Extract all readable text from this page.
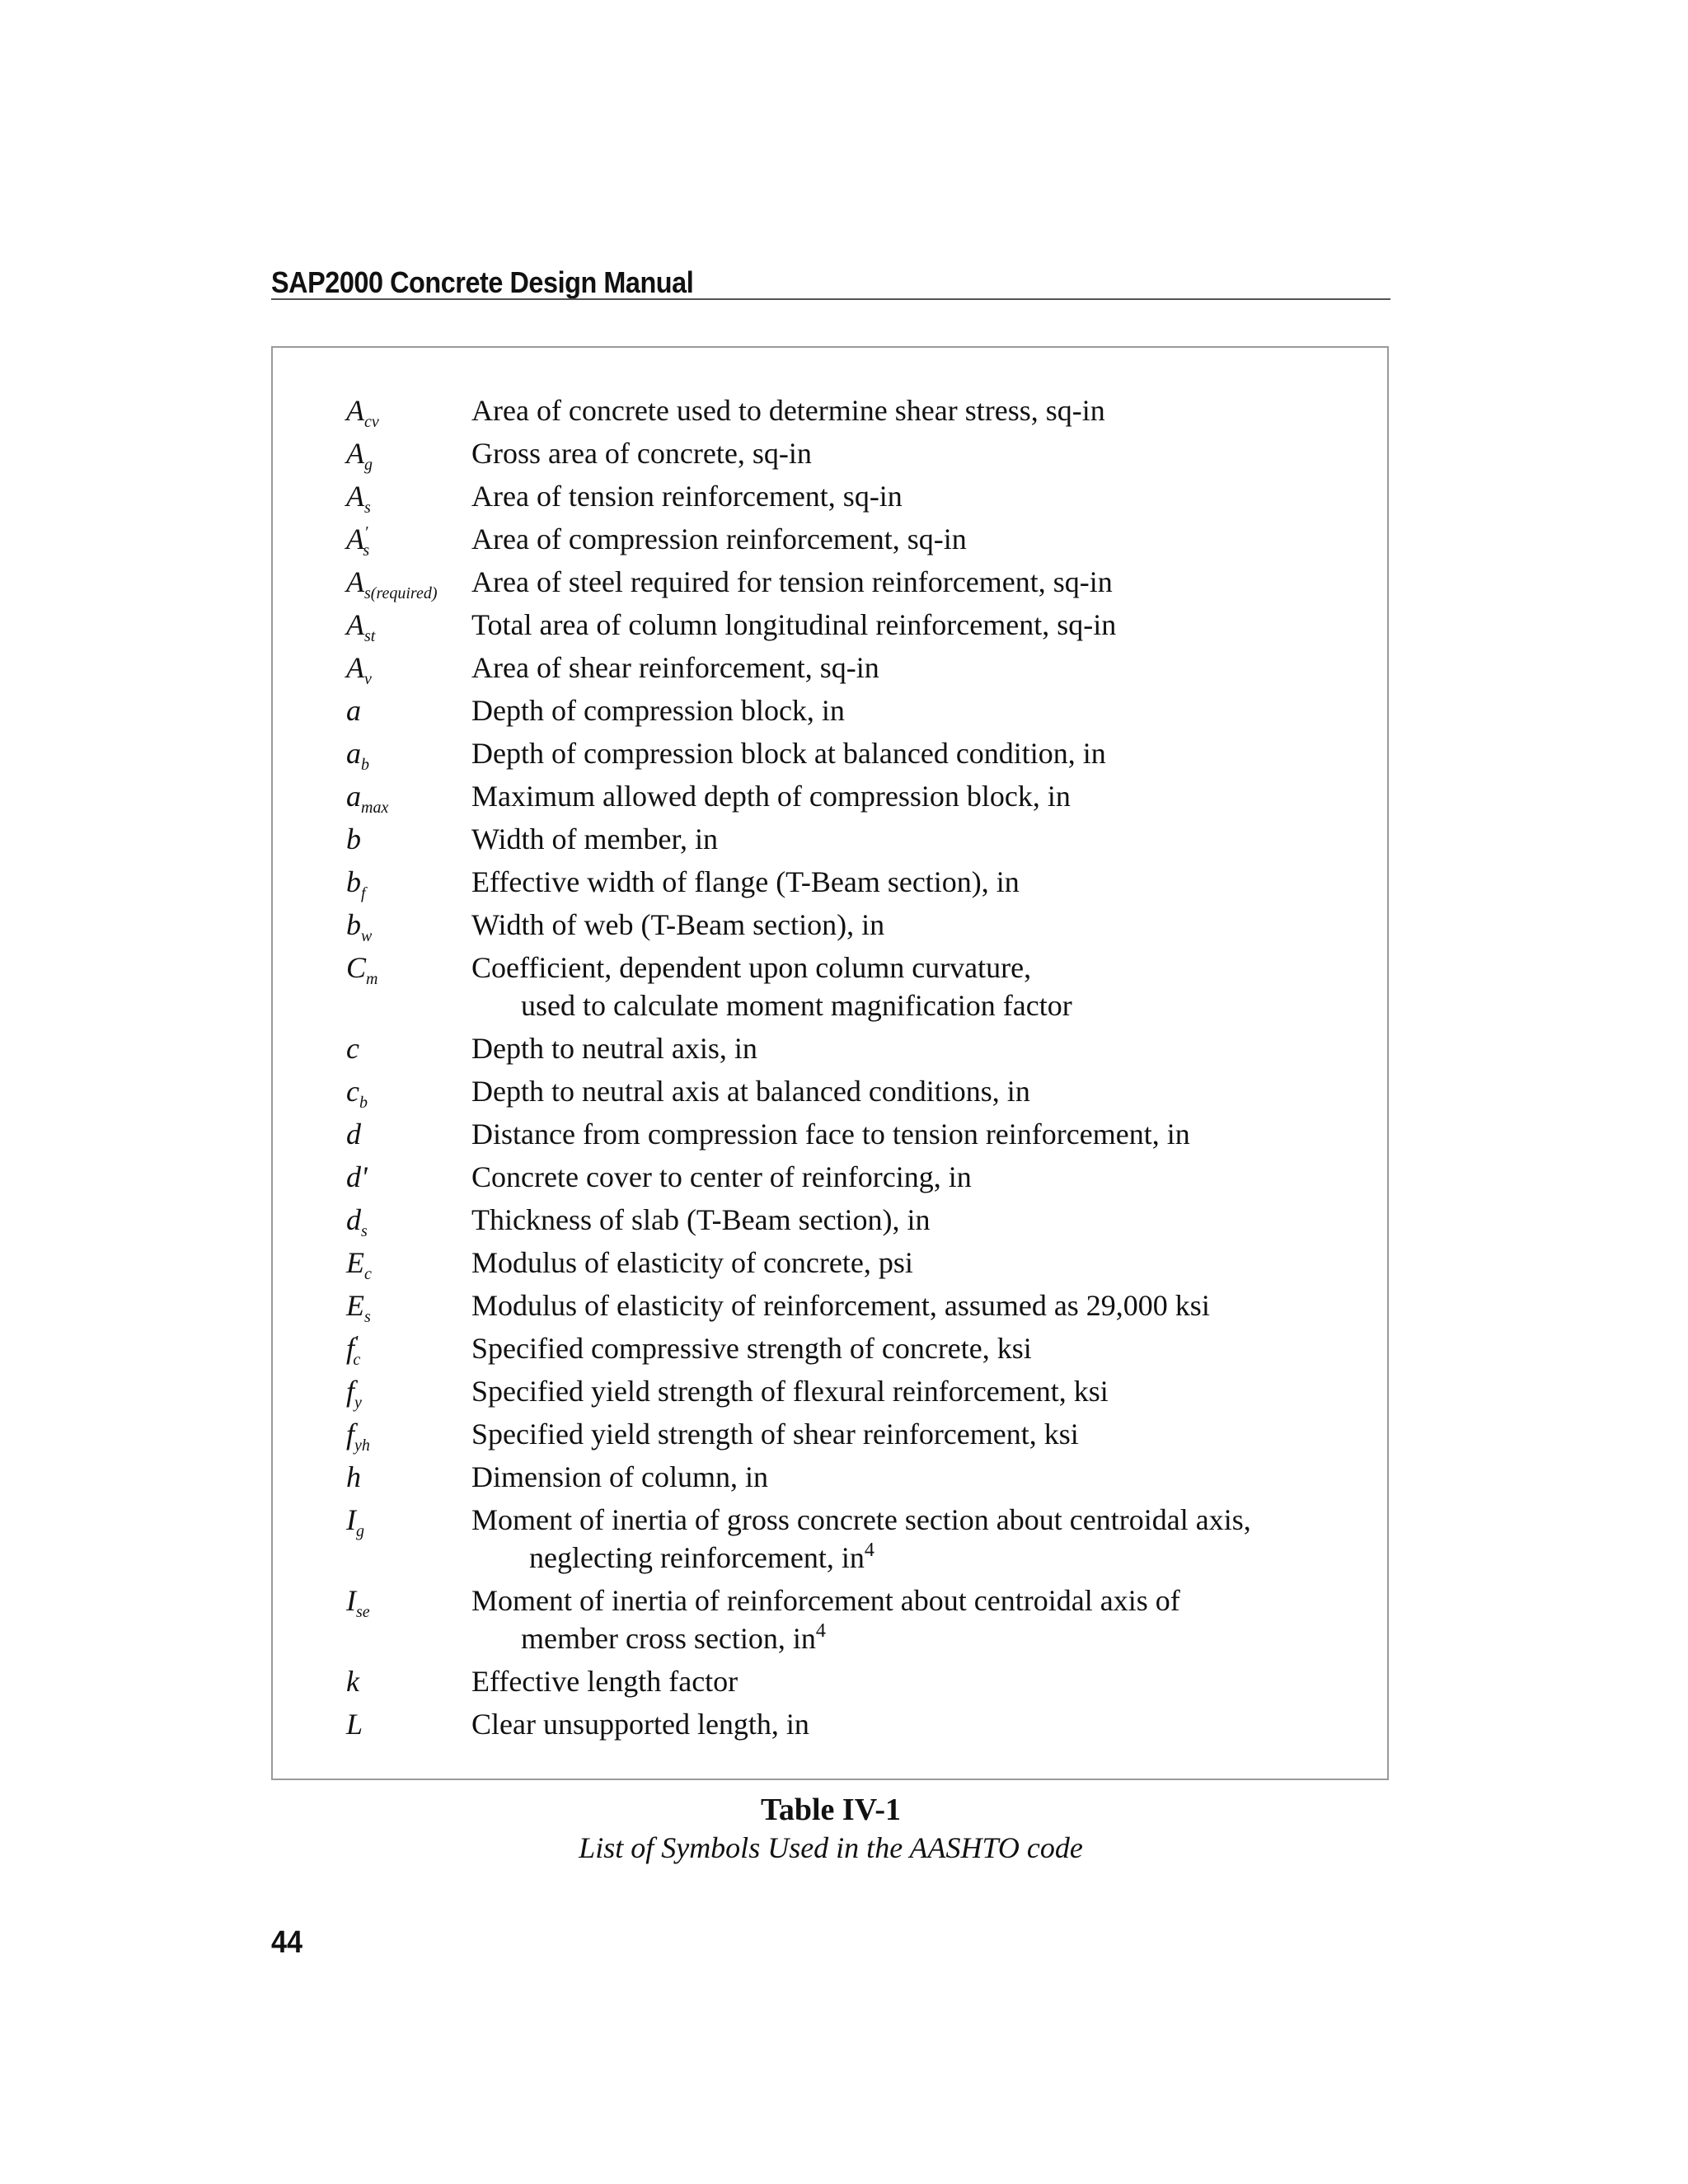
SAP2000 Concrete Design Manual
$A_{cv}$	Area of concrete used to determine shear stress, sq-in
$A_g$	Gross area of concrete, sq-in
$A_s$	Area of tension reinforcement, sq-in
$A'_s$	Area of compression reinforcement, sq-in
$A_{s(required)}$	Area of steel required for tension reinforcement, sq-in
$A_{st}$	Total area of column longitudinal reinforcement, sq-in
$A_v$	Area of shear reinforcement, sq-in
a	Depth of compression block, in
$a_b$	Depth of compression block at balanced condition, in
$a_{max}$	Maximum allowed depth of compression block, in
b	Width of member, in
$b_f$	Effective width of flange (T-Beam section), in
$b_w$	Width of web (T-Beam section), in
$C_m$	Coefficient, dependent upon column curvature,
used to calculate moment magnification factor
c	Depth to neutral axis, in
$c_b$	Depth to neutral axis at balanced conditions, in
d	Distance from compression face to tension reinforcement, in
d'	Concrete cover to center of reinforcing, in
$d_s$	Thickness of slab (T-Beam section), in
$E_c$	Modulus of elasticity of concrete, psi
$E_s$	Modulus of elasticity of reinforcement, assumed as 29,000 ksi
$f'_c$	Specified compressive strength of concrete, ksi
$f_y$	Specified yield strength of flexural reinforcement, ksi
$f_{yh}$	Specified yield strength of shear reinforcement, ksi
h	Dimension of column, in
$I_g$	Moment of inertia of gross concrete section about centroidal axis,
neglecting reinforcement, $in^4$
$I_{se}$	Moment of inertia of reinforcement about centroidal axis of
member cross section, $in^4$
k	Effective length factor
L	Clear unsupported length, in
Table IV-1
List of Symbols Used in the AASHTO code
44
